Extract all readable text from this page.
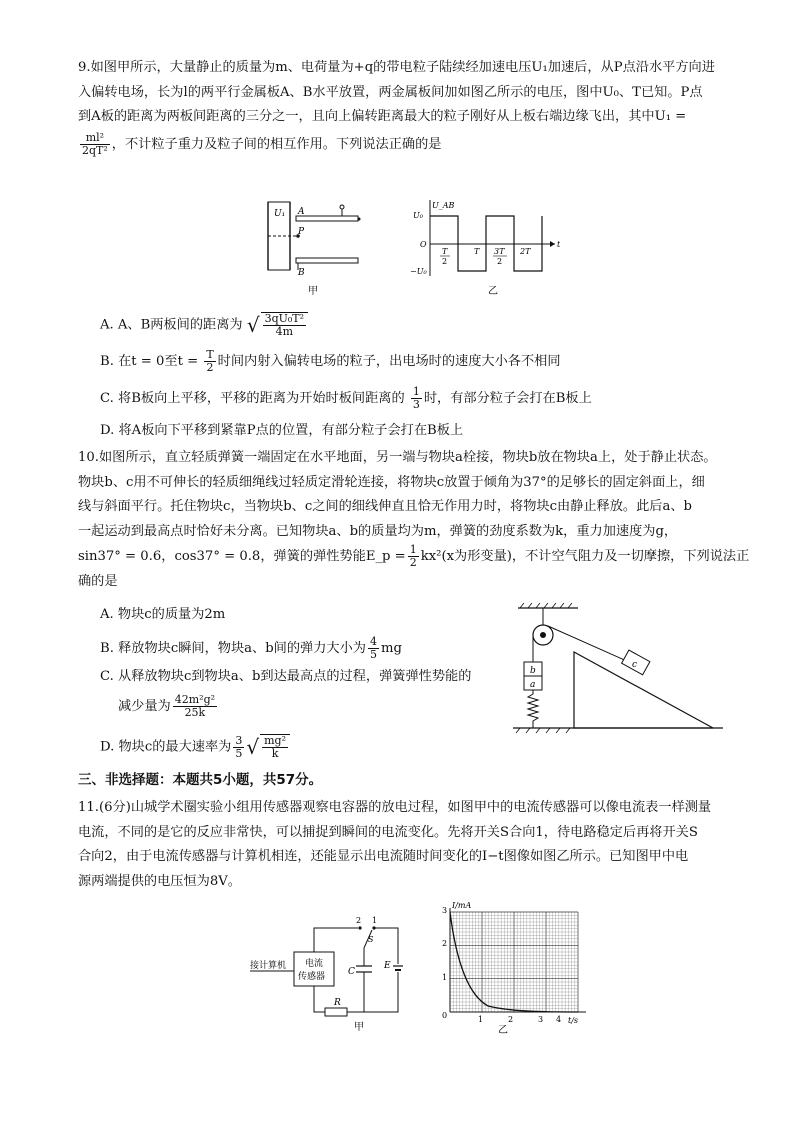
9.如图甲所示，大量静止的质量为m、电荷量为+q的带电粒子陆续经加速电压U₁加速后，从P点沿水平方向进

入偏转电场，长为l的两平行金属板A、B水平放置，两金属板间加如图乙所示的电压，图中U₀、T已知。P点

到A板的距离为两板间距离的三分之一，且向上偏转距离最大的粒子刚好从上板右端边缘飞出，其中U₁ =

$\frac{\text{ml²}}{\text{2qT²}}$ ，不计粒子重力及粒子间的相互作用。下列说法正确的是

U₁ A
P
B
甲
U_AB
U₀
−U₀
O	t
T
2
T 3T
2
2T
乙
A. A、B两板间的距离为 √ $\frac{\text{3qU₀T²}}{4m}$
B. 在t = 0至$t = \frac{T}{2}$ 时间内射入偏转电场的粒子，出电场时的速度大小各不相同
C. 将B板向上平移，平移的距离为开始时板间距离的 $\frac{1}{3}$ 时，有部分粒子会打在B板上
D. 将A板向下平移到紧靠P点的位置，有部分粒子会打在B板上

10.如图所示，直立轻质弹簧一端固定在水平地面，另一端与物块a栓接，物块b放在物块a上，处于静止状态。

物块b、c用不可伸长的轻质细绳线过轻质定滑轮连接，将物块c放置于倾角为37°的足够长的固定斜面上，细

线与斜面平行。托住物块c，当物块b、c之间的细线伸直且恰无作用力时，将物块c由静止释放。此后a、b

一起运动到最高点时恰好未分离。已知物块a、b的质量均为m，弹簧的劲度系数为k，重力加速度为g，

sin37° = 0.6，cos37° = 0.8，弹簧的弹性势能E_p = $\frac{1}{2} kx^2(x$为形变量)，不计空气阻力及一切摩擦，下列说法正

确的是

A. 物块c的质量为2m
B. 释放物块c瞬间，物块a、b间的弹力大小为 $\frac{4}{5}$ mg
C. 从释放物块c到物块a、b到达最高点的过程，弹簧弹性势能的
减少量为 $\frac{\text{42m²g²}}{25k}$
D. 物块c的最大速率为 $\frac{3}{5}$ √ $\frac{\text{mg²}}{k}$
b
a
c
三、非选择题：本题共5小题，共57分。

11.(6分)山城学术圈实验小组用传感器观察电容器的放电过程，如图甲中的电流传感器可以像电流表一样测量

电流，不同的是它的反应非常快，可以捕捉到瞬间的电流变化。先将开关S合向1，待电路稳定后再将开关S

合向2，由于电流传感器与计算机相连，还能显示出电流随时间变化的I−t图像如图乙所示。已知图甲中电

源两端提供的电压恒为8V。

接计算机 电流
传感器
R
E
2 1
S
C
甲
I/mA
t/s
0
1
2
3
1	2	3 4
乙
